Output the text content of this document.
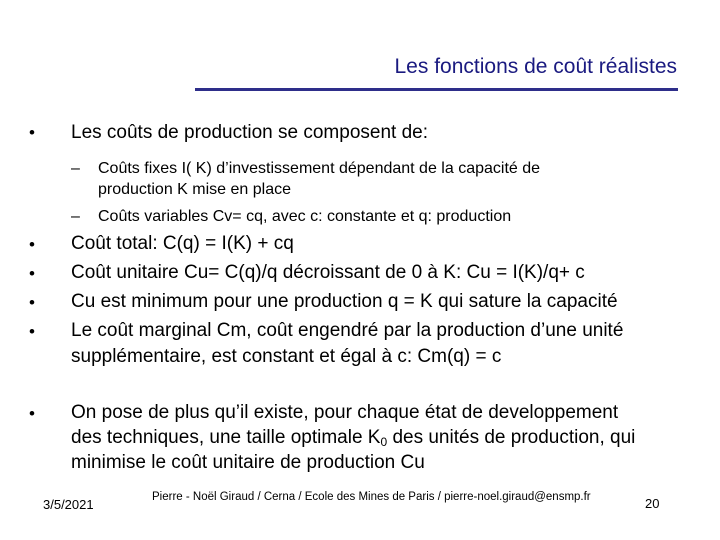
Les fonctions de coût réalistes
• Les coûts de production se composent de:
– Coûts fixes I( K) d’investissement dépendant de la capacité de
production K mise en place
– Coûts variables Cv= cq, avec c: constante et q: production
• Coût total: C(q) = I(K) + cq
• Coût unitaire Cu= C(q)/q décroissant de 0 à K: Cu = I(K)/q+ c
• Cu est minimum pour une production q = K qui sature la capacité
• Le coût marginal Cm, coût engendré par la production d’une unité
supplémentaire, est constant et égal à c: Cm(q) = c
• On pose de plus qu’il existe, pour chaque état de developpement
des techniques, une taille optimale $K_0$ des unités de production, qui
minimise le coût unitaire de production Cu
3/5/2021	Pierre - Noël Giraud / Cerna / Ecole des Mines de Paris / pierre-noel.giraud@ensmp.fr	20
